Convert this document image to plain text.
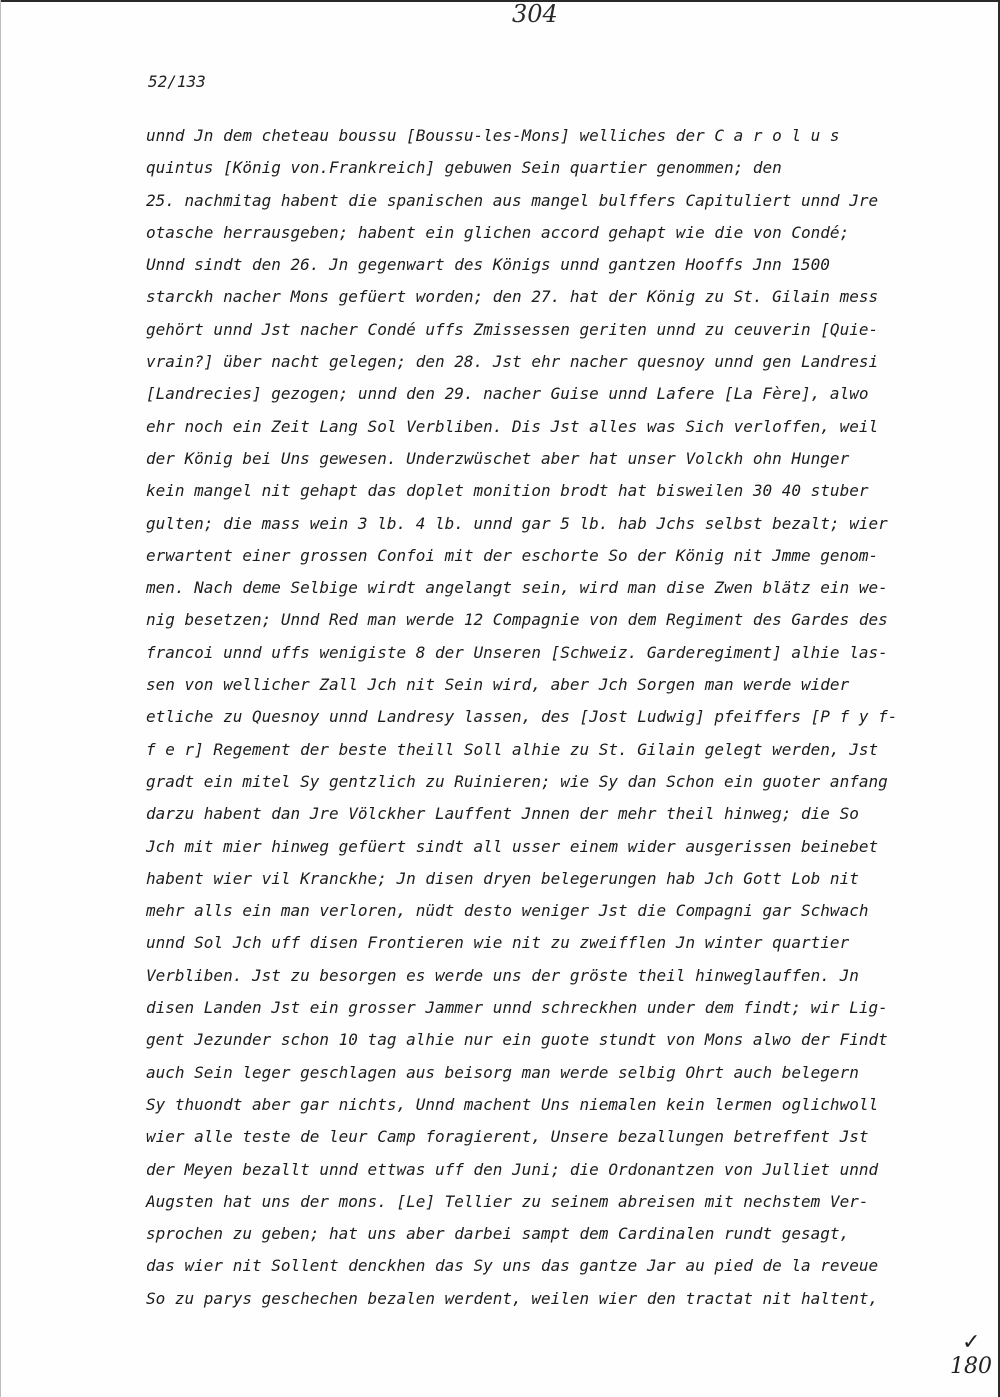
304
52/133
unnd Jn dem cheteau boussu [Boussu-les-Mons] welliches der C a r o l u s
quintus [König von.Frankreich] gebuwen Sein quartier genommen; den
25. nachmitag habent die spanischen aus mangel bulffers Capituliert unnd Jre
otasche herrausgeben; habent ein glichen accord gehapt wie die von Condé;
Unnd sindt den 26. Jn gegenwart des Königs unnd gantzen Hooffs Jnn 1500
starckh nacher Mons gefüert worden; den 27. hat der König zu St. Gilain mess
gehört unnd Jst nacher Condé uffs Zmissessen geriten unnd zu ceuverin [Quie-
vrain?] über nacht gelegen; den 28. Jst ehr nacher quesnoy unnd gen Landresi
[Landrecies] gezogen; unnd den 29. nacher Guise unnd Lafere [La Fère], alwo
ehr noch ein Zeit Lang Sol Verbliben. Dis Jst alles was Sich verloffen, weil
der König bei Uns gewesen. Underzwüschet aber hat unser Volckh ohn Hunger
kein mangel nit gehapt das doplet monition brodt hat bisweilen 30 40 stuber
gulten; die mass wein 3 lb. 4 lb. unnd gar 5 lb. hab Jchs selbst bezalt; wier
erwartent einer grossen Confoi mit der eschorte So der König nit Jmme genom-
men. Nach deme Selbige wirdt angelangt sein, wird man dise Zwen blätz ein we-
nig besetzen; Unnd Red man werde 12 Compagnie von dem Regiment des Gardes des
francoi unnd uffs wenigiste 8 der Unseren [Schweiz. Garderegiment] alhie las-
sen von wellicher Zall Jch nit Sein wird, aber Jch Sorgen man werde wider
etliche zu Quesnoy unnd Landresy lassen, des [Jost Ludwig] pfeiffers [P f y f-
f e r] Regement der beste theill Soll alhie zu St. Gilain gelegt werden, Jst
gradt ein mitel Sy gentzlich zu Ruinieren; wie Sy dan Schon ein guoter anfang
darzu habent dan Jre Völckher Lauffent Jnnen der mehr theil hinweg; die So
Jch mit mier hinweg gefüert sindt all usser einem wider ausgerissen beinebet
habent wier vil Kranckhe; Jn disen dryen belegerungen hab Jch Gott Lob nit
mehr alls ein man verloren, nüdt desto weniger Jst die Compagni gar Schwach
unnd Sol Jch uff disen Frontieren wie nit zu zweifflen Jn winter quartier
Verbliben. Jst zu besorgen es werde uns der gröste theil hinweglauffen. Jn
disen Landen Jst ein grosser Jammer unnd schreckhen under dem findt; wir Lig-
gent Jezunder schon 10 tag alhie nur ein guote stundt von Mons alwo der Findt
auch Sein leger geschlagen aus beisorg man werde selbig Ohrt auch belegern
Sy thuondt aber gar nichts, Unnd machent Uns niemalen kein lermen oglichwoll
wier alle teste de leur Camp foragierent, Unsere bezallungen betreffent Jst
der Meyen bezallt unnd ettwas uff den Juni; die Ordonantzen von Julliet unnd
Augsten hat uns der mons. [Le] Tellier zu seinem abreisen mit nechstem Ver-
sprochen zu geben; hat uns aber darbei sampt dem Cardinalen rundt gesagt,
das wier nit Sollent denckhen das Sy uns das gantze Jar au pied de la reveue
So zu parys geschechen bezalen werdent, weilen wier den tractat nit haltent,
✓
180
